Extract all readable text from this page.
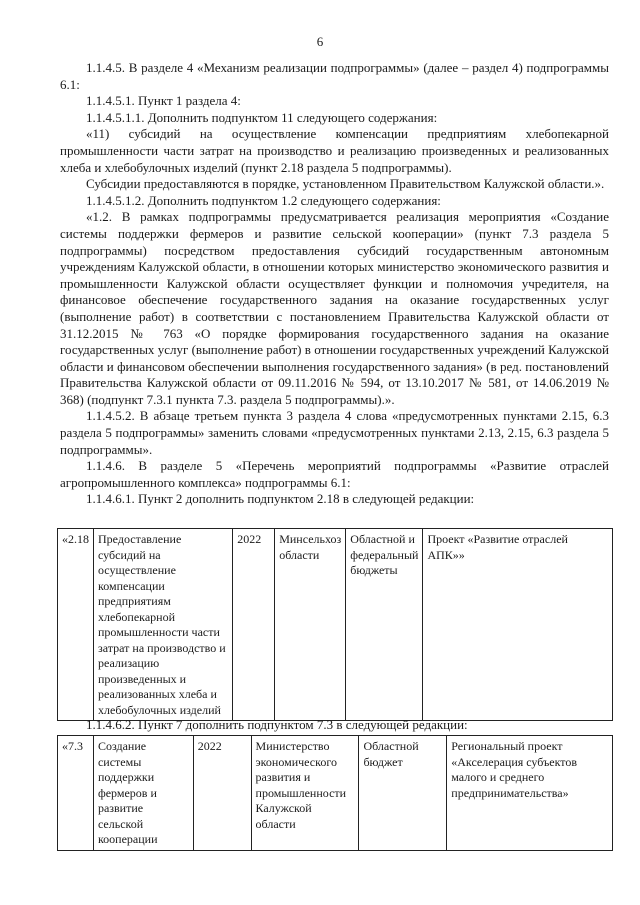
6

1.1.4.5. В разделе 4 «Механизм реализации подпрограммы» (далее – раздел 4) подпрограммы 6.1:

1.1.4.5.1. Пункт 1 раздела 4:

1.1.4.5.1.1. Дополнить подпунктом 11 следующего содержания:

«11) субсидий на осуществление компенсации предприятиям хлебопекарной промышленности части затрат на производство и реализацию произведенных и реализованных хлеба и хлебобулочных изделий (пункт 2.18 раздела 5 подпрограммы).

Субсидии предоставляются в порядке, установленном Правительством Калужской области.».

1.1.4.5.1.2. Дополнить подпунктом 1.2 следующего содержания:

«1.2. В рамках подпрограммы предусматривается реализация мероприятия «Создание системы поддержки фермеров и развитие сельской кооперации» (пункт 7.3 раздела 5 подпрограммы) посредством предоставления субсидий государственным автономным учреждениям Калужской области, в отношении которых министерство экономического развития и промышленности Калужской области осуществляет функции и полномочия учредителя, на финансовое обеспечение государственного задания на оказание государственных услуг (выполнение работ) в соответствии с постановлением Правительства Калужской области от 31.12.2015 № 763 «О порядке формирования государственного задания на оказание государственных услуг (выполнение работ) в отношении государственных учреждений Калужской области и финансовом обеспечении выполнения государственного задания» (в ред. постановлений Правительства Калужской области от 09.11.2016 № 594, от 13.10.2017 № 581, от 14.06.2019 № 368) (подпункт 7.3.1 пункта 7.3. раздела 5 подпрограммы).».

1.1.4.5.2. В абзаце третьем пункта 3 раздела 4 слова «предусмотренных пунктами 2.15, 6.3 раздела 5 подпрограммы» заменить словами «предусмотренных пунктами 2.13, 2.15, 6.3 раздела 5 подпрограммы».

1.1.4.6. В разделе 5 «Перечень мероприятий подпрограммы «Развитие отраслей агропромышленного комплекса» подпрограммы 6.1:

1.1.4.6.1. Пункт 2 дополнить подпунктом 2.18 в следующей редакции:

«2.18	Предоставление субсидий на осуществление компенсации предприятиям хлебопекарной промышленности части затрат на производство и реализацию произведенных и реализованных хлеба и хлебобулочных изделий	2022	Минсельхоз области	Областной и федеральный бюджеты	Проект «Развитие отраслей АПК»»

1.1.4.6.2. Пункт 7 дополнить подпунктом 7.3 в следующей редакции:

«7.3	Создание системы поддержки фермеров и развитие сельской кооперации	2022	Министерство экономического развития и промышленности Калужской области	Областной бюджет	Региональный проект «Акселерация субъектов малого и среднего предпринимательства»
